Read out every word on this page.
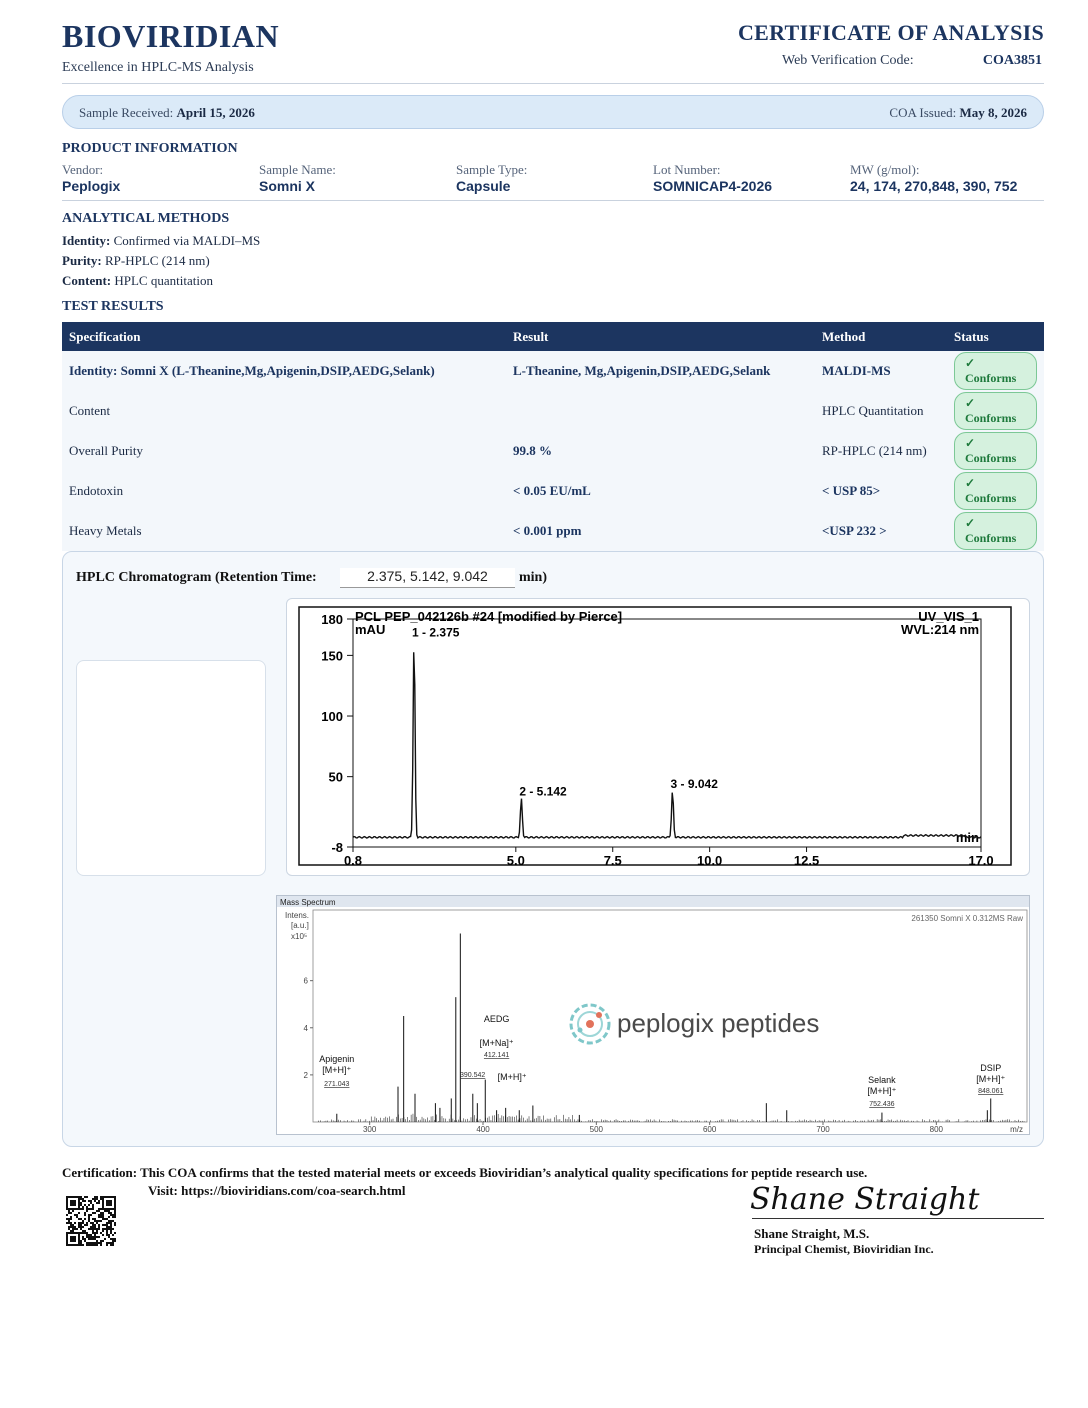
BIOVIRIDIAN
Excellence in HPLC-MS Analysis
CERTIFICATE OF ANALYSIS
Web Verification Code:	COA3851
Sample Received: April 15, 2026	COA Issued: May 8, 2026
PRODUCT INFORMATION
Vendor:
Peplogix
Sample Name:
Somni X
Sample Type:
Capsule
Lot Number:
SOMNICAP4-2026
MW (g/mol):
24, 174, 270,848, 390, 752
ANALYTICAL METHODS
Identity: Confirmed via MALDI–MS
Purity: RP-HPLC (214 nm)
Content: HPLC quantitation
TEST RESULTS
Specification	Result	Method	Status
Identity: Somni X (L-Theanine,Mg,Apigenin,DSIP,AEDG,Selank)	L-Theanine, Mg,Apigenin,DSIP,AEDG,Selank	MALDI-MS	✓ Conforms
Content		HPLC Quantitation	✓ Conforms
Overall Purity	99.8 %	RP-HPLC (214 nm)	✓ Conforms
Endotoxin	< 0.05 EU/mL	< USP 85>	✓ Conforms
Heavy Metals	< 0.001 ppm	<USP 232 >	✓ Conforms
HPLC Chromatogram (Retention Time:	2.375, 5.142, 9.042	min)
PCL PEP_042126b #24 [modified by Pierce]	UV_VIS_1
mAU	WVL:214 nm
min
180
150
100
50
-8
0.8	5.0	7.5	10.0	12.5	17.0
1 - 2.375
2 - 5.142
3 - 9.042
Mass Spectrum
261350 Somni X 0.312MS Raw
Intens.
[a.u.]
x10⁵
m/z
peplogix peptides
300	400	500	600	700	800
2
4
6
Apigenin
[M+H]⁺
271.043
AEDG
[M+Na]⁺
412.141
390.542 [M+H]⁺	Selank
[M+H]⁺
752.436
DSIP
[M+H]⁺
848.061
Certification: This COA confirms that the tested material meets or exceeds Bioviridian’s analytical quality specifications for peptide research use.
Visit: https://bioviridians.com/coa-search.html	Shane Straight
Shane Straight, M.S.
Principal Chemist, Bioviridian Inc.
